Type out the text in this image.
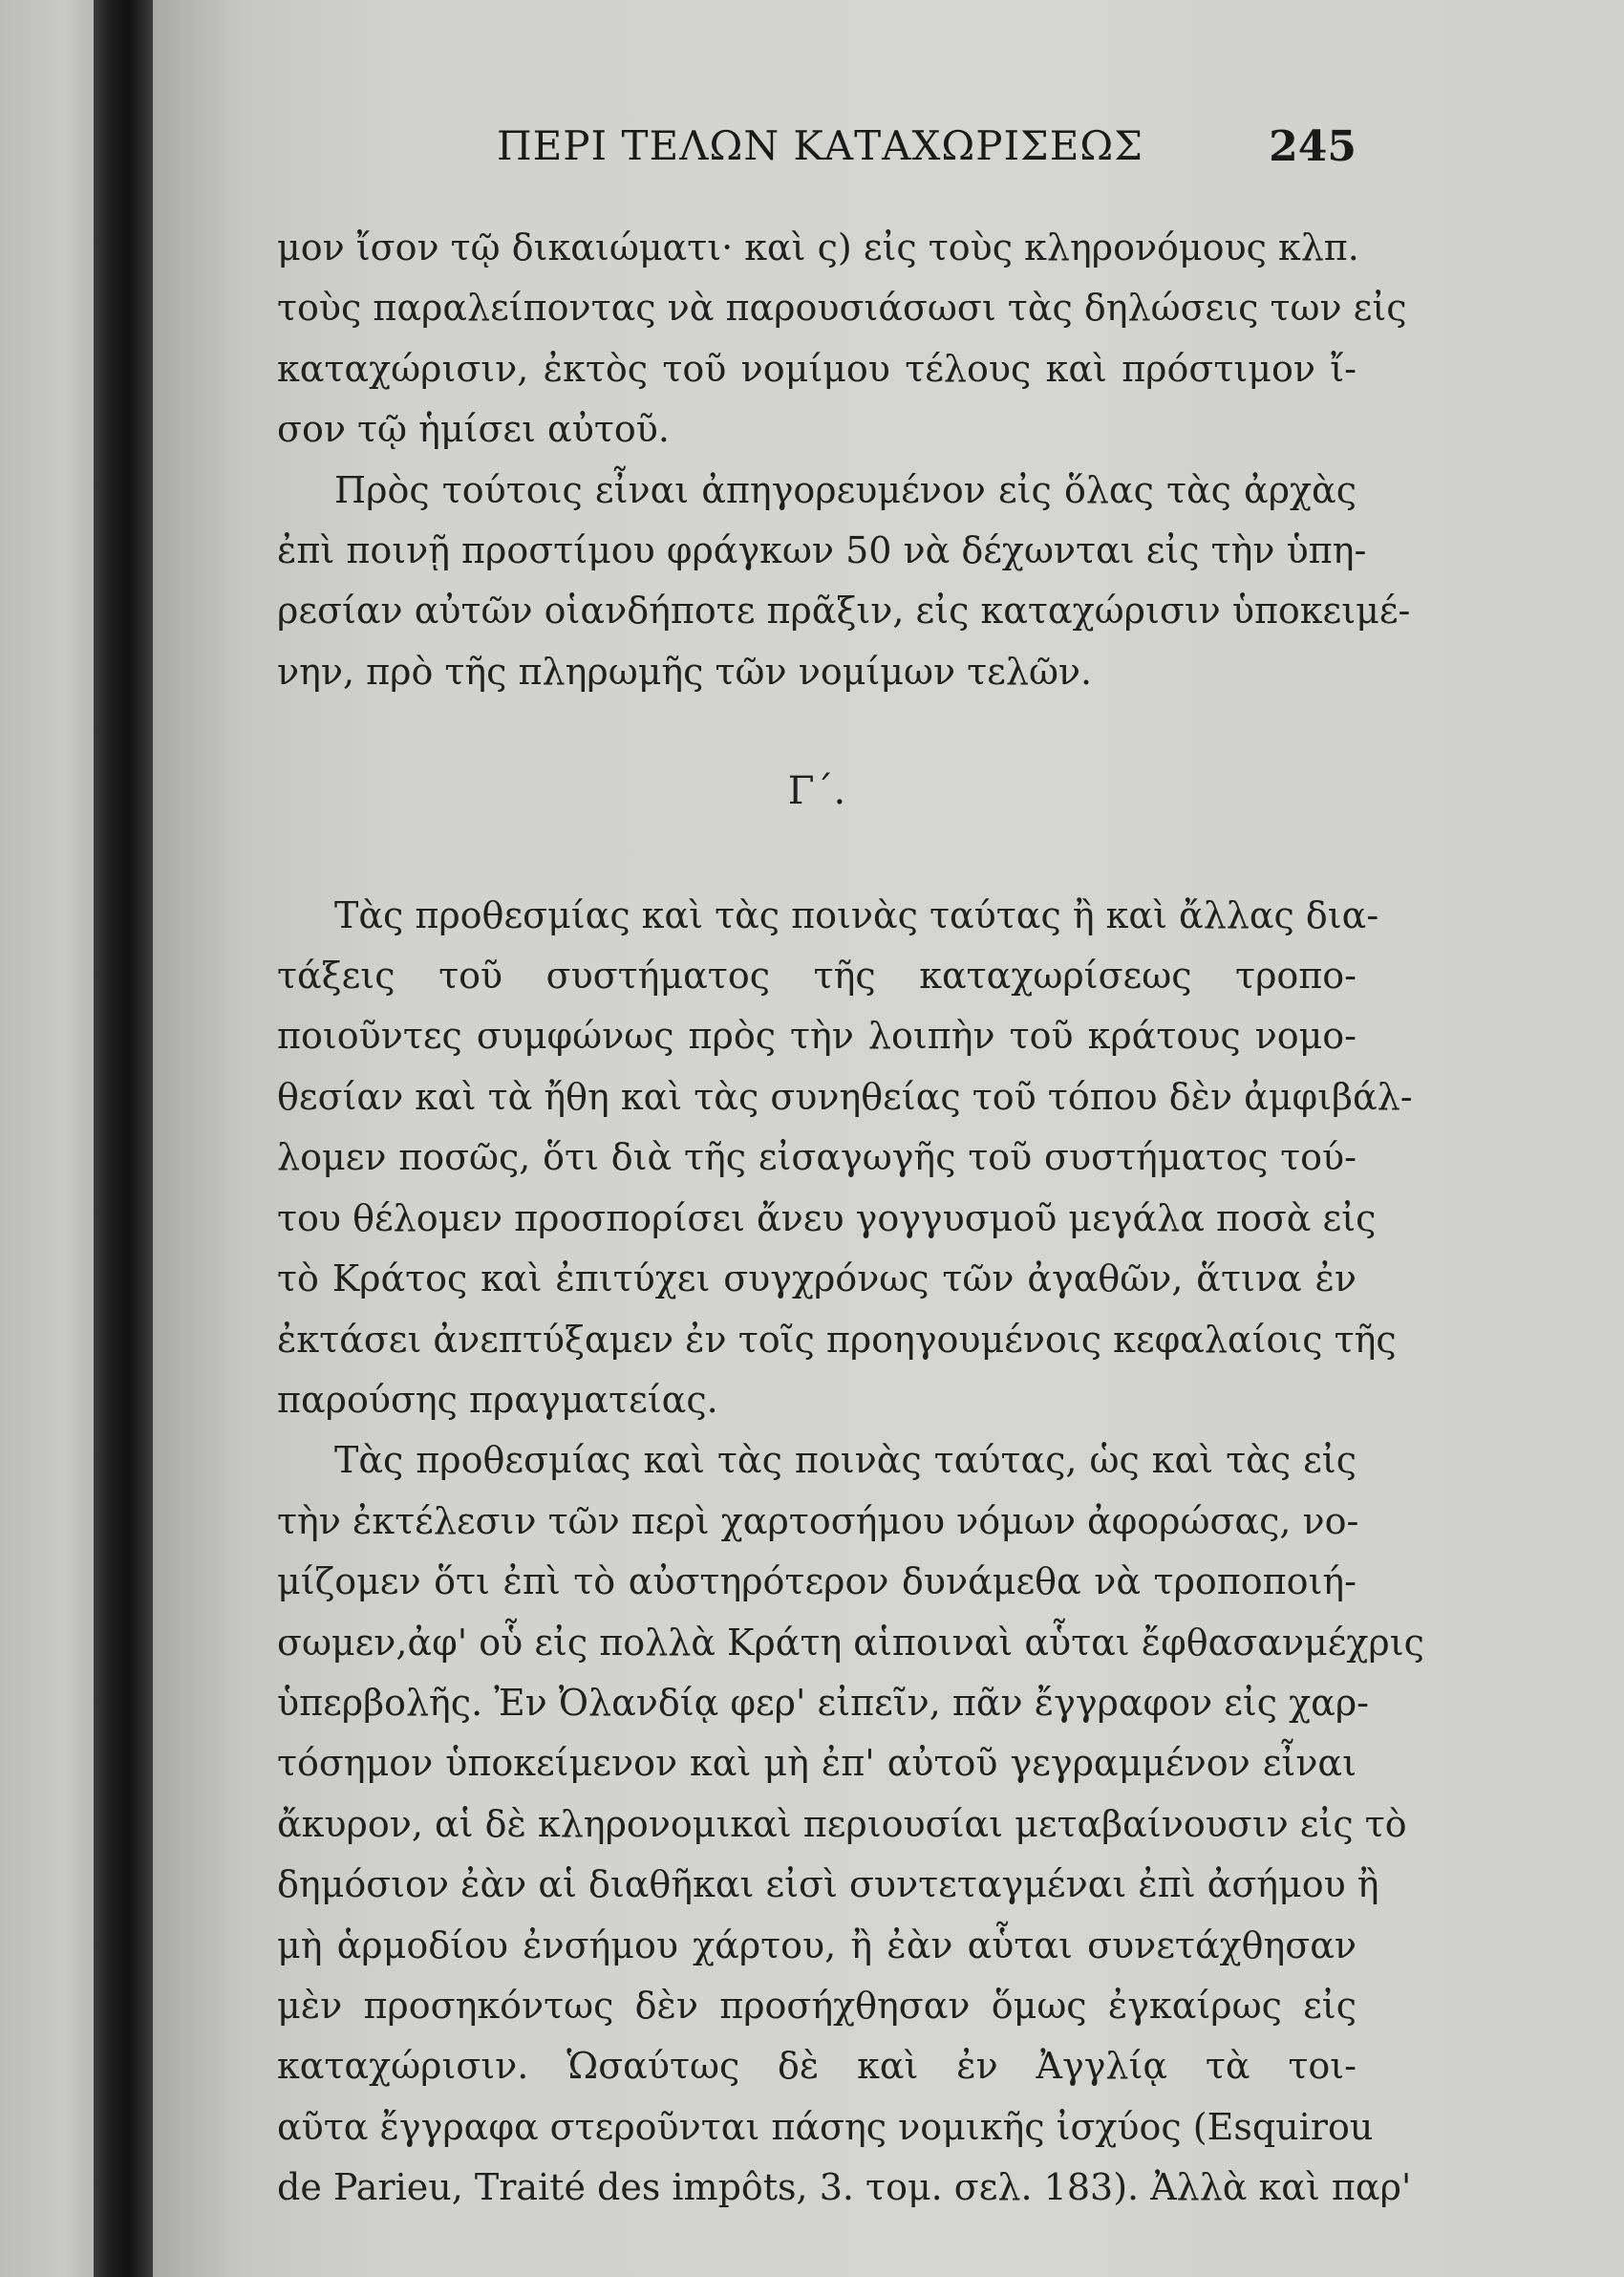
ΠΕΡΙ ΤΕΛΩΝ ΚΑΤΑΧΩΡΙΣΕΩΣ	245
μον ἴσον τῷ δικαιώματι· καὶ ς) εἰς τοὺς κληρονόμους κλπ.
τοὺς παραλείποντας νὰ παρουσιάσωσι τὰς δηλώσεις των εἰς
καταχώρισιν, ἐκτὸς τοῦ νομίμου τέλους καὶ πρόστιμον ἴ-
σον τῷ ἡμίσει αὐτοῦ.
Πρὸς τούτοις εἶναι ἀπηγορευμένον εἰς ὅλας τὰς ἀρχὰς
ἐπὶ ποινῇ προστίμου φράγκων 50 νὰ δέχωνται εἰς τὴν ὑπη-
ρεσίαν αὐτῶν οἱανδήποτε πρᾶξιν, εἰς καταχώρισιν ὑποκειμέ-
νην, πρὸ τῆς πληρωμῆς τῶν νομίμων τελῶν.
Γ΄.
Τὰς προθεσμίας καὶ τὰς ποινὰς ταύτας ἢ καὶ ἄλλας δια-
τάξεις τοῦ συστήματος τῆς καταχωρίσεως τροπο-
ποιοῦντες συμφώνως πρὸς τὴν λοιπὴν τοῦ κράτους νομο-
θεσίαν καὶ τὰ ἤθη καὶ τὰς συνηθείας τοῦ τόπου δὲν ἀμφιβάλ-
λομεν ποσῶς, ὅτι διὰ τῆς εἰσαγωγῆς τοῦ συστήματος τού-
του θέλομεν προσπορίσει ἄνευ γογγυσμοῦ μεγάλα ποσὰ εἰς
τὸ Κράτος καὶ ἐπιτύχει συγχρόνως τῶν ἀγαθῶν, ἅτινα ἐν
ἐκτάσει ἀνεπτύξαμεν ἐν τοῖς προηγουμένοις κεφαλαίοις τῆς
παρούσης πραγματείας.
Τὰς προθεσμίας καὶ τὰς ποινὰς ταύτας, ὡς καὶ τὰς εἰς
τὴν ἐκτέλεσιν τῶν περὶ χαρτοσήμου νόμων ἀφορώσας, νο-
μίζομεν ὅτι ἐπὶ τὸ αὐστηρότερον δυνάμεθα νὰ τροποποιή-
σωμεν,ἀφ' οὗ εἰς πολλὰ Κράτη αἱποιναὶ αὗται ἔφθασανμέχρις
ὑπερβολῆς. Ἐν Ὀλανδίᾳ φερ' εἰπεῖν, πᾶν ἔγγραφον εἰς χαρ-
τόσημον ὑποκείμενον καὶ μὴ ἐπ' αὐτοῦ γεγραμμένον εἶναι
ἄκυρον, αἱ δὲ κληρονομικαὶ περιουσίαι μεταβαίνουσιν εἰς τὸ
δημόσιον ἐὰν αἱ διαθῆκαι εἰσὶ συντεταγμέναι ἐπὶ ἀσήμου ἢ
μὴ ἁρμοδίου ἐνσήμου χάρτου, ἢ ἐὰν αὗται συνετάχθησαν
μὲν προσηκόντως δὲν προσήχθησαν ὅμως ἐγκαίρως εἰς
καταχώρισιν. Ὡσαύτως δὲ καὶ ἐν Ἀγγλίᾳ τὰ τοι-
αῦτα ἔγγραφα στεροῦνται πάσης νομικῆς ἰσχύος (Esquirou
de Parieu, Traité des impôts, 3. τομ. σελ. 183). Ἀλλὰ καὶ παρ'
